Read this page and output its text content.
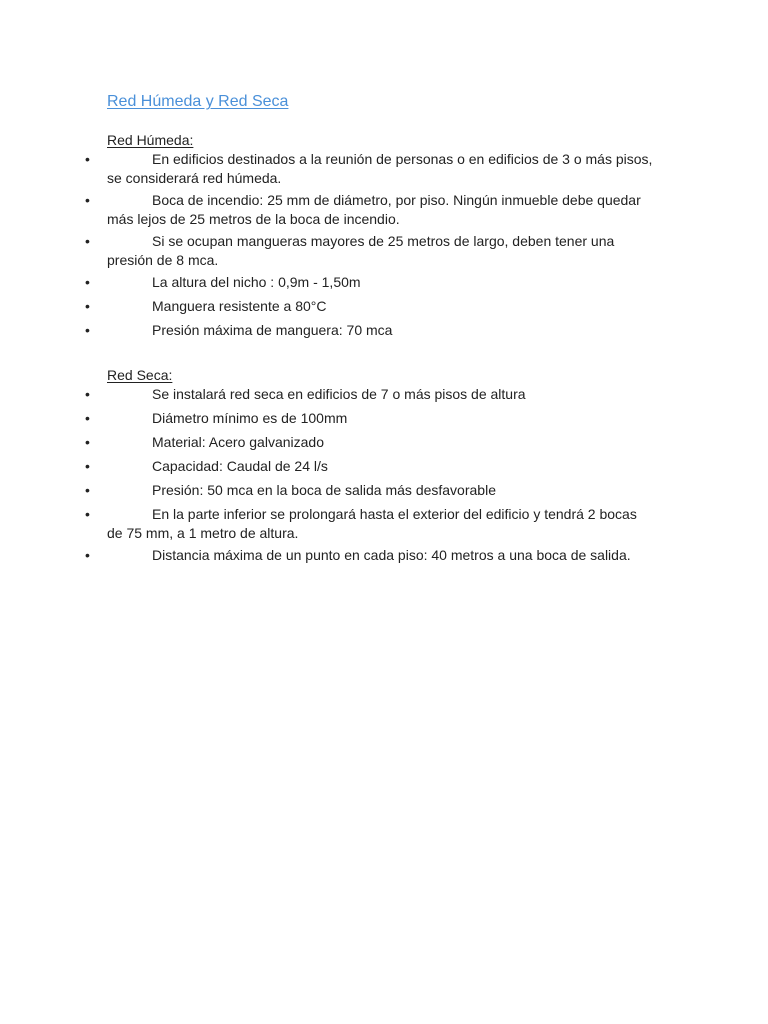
Red Húmeda y Red Seca
Red Húmeda:
•	En edificios destinados a la reunión de personas o en edificios de 3 o más pisos, se considerará red húmeda.
•	Boca de incendio: 25 mm de diámetro, por piso. Ningún inmueble debe quedar más lejos de 25 metros de la boca de incendio.
•	Si se ocupan mangueras mayores de 25 metros de largo, deben tener una presión de 8 mca.
•	La altura del nicho : 0,9m - 1,50m
•	Manguera resistente a 80°C
•	Presión máxima de manguera: 70 mca
Red Seca:
•	Se instalará red seca en edificios de 7 o más pisos de altura
•	Diámetro mínimo es de 100mm
•	Material: Acero galvanizado
•	Capacidad: Caudal de 24 l/s
•	Presión: 50 mca en la boca de salida más desfavorable
•	En la parte inferior se prolongará hasta el exterior del edificio y tendrá 2 bocas de 75 mm, a 1 metro de altura.
•	Distancia máxima de un punto en cada piso: 40 metros a una boca de salida.
